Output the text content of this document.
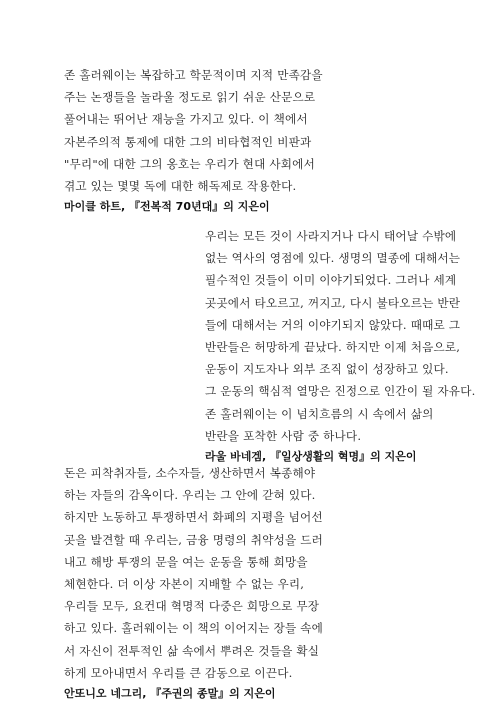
존 홀러웨이는 복잡하고 학문적이며 지적 만족감을
주는 논쟁들을 놀라울 정도로 읽기 쉬운 산문으로
풀어내는 뛰어난 재능을 가지고 있다. 이 책에서
자본주의적 통제에 대한 그의 비타협적인 비판과
"무리"에 대한 그의 옹호는 우리가 현대 사회에서
겪고 있는 몇몇 독에 대한 해독제로 작용한다.
마이클 하트, 『전복적 70년대』의 지은이
우리는 모든 것이 사라지거나 다시 태어날 수밖에
없는 역사의 영점에 있다. 생명의 멸종에 대해서는
필수적인 것들이 이미 이야기되었다. 그러나 세계
곳곳에서 타오르고, 꺼지고, 다시 불타오르는 반란
들에 대해서는 거의 이야기되지 않았다. 때때로 그
반란들은 허망하게 끝났다. 하지만 이제 처음으로,
운동이 지도자나 외부 조직 없이 성장하고 있다.
그 운동의 핵심적 열망은 진정으로 인간이 될 자유다.
존 홀러웨이는 이 넘치흐름의 시 속에서 삶의
반란을 포착한 사람 중 하나다.
라울 바네겜, 『일상생활의 혁명』의 지은이
돈은 피착취자들, 소수자들, 생산하면서 복종해야
하는 자들의 감옥이다. 우리는 그 안에 갇혀 있다.
하지만 노동하고 투쟁하면서 화폐의 지평을 넘어선
곳을 발견할 때 우리는, 금융 명령의 취약성을 드러
내고 해방 투쟁의 문을 여는 운동을 통해 희망을
체현한다. 더 이상 자본이 지배할 수 없는 우리,
우리들 모두, 요컨대 혁명적 다중은 희망으로 무장
하고 있다. 홀러웨이는 이 책의 이어지는 장들 속에
서 자신이 전투적인 삶 속에서 뿌려온 것들을 확실
하게 모아내면서 우리를 큰 감동으로 이끈다.
안또니오 네그리, 『주권의 종말』의 지은이
